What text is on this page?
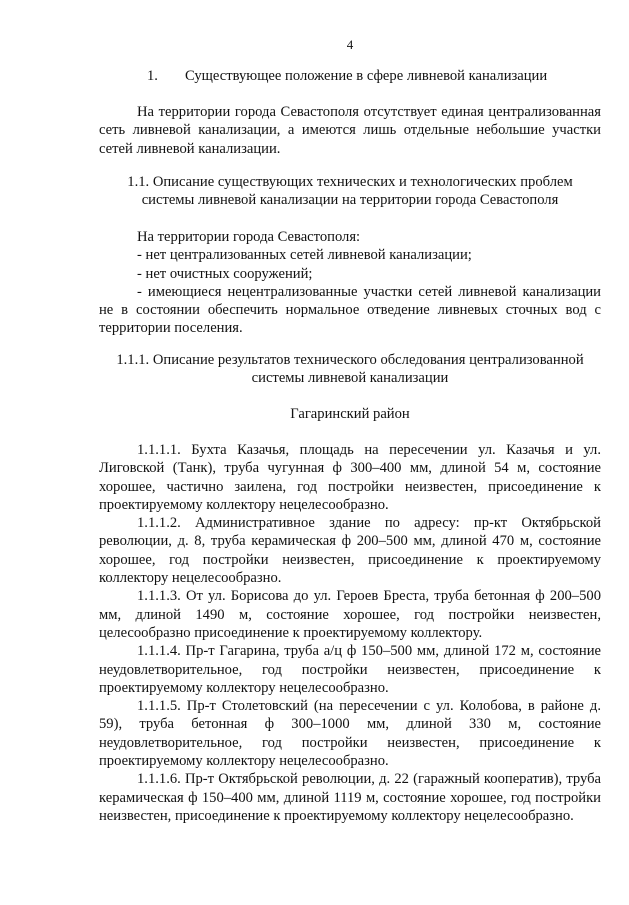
4
1. Существующее положение в сфере ливневой канализации

На территории города Севастополя отсутствует единая централизованная сеть ливневой канализации, а имеются лишь отдельные небольшие участки сетей ливневой канализации.

1.1. Описание существующих технических и технологических проблем

системы ливневой канализации на территории города Севастополя

На территории города Севастополя:

- нет централизованных сетей ливневой канализации;

- нет очистных сооружений;

- имеющиеся нецентрализованные участки сетей ливневой канализации не в состоянии обеспечить нормальное отведение ливневых сточных вод с территории поселения.

1.1.1. Описание результатов технического обследования централизованной

системы ливневой канализации

Гагаринский район

1.1.1.1. Бухта Казачья, площадь на пересечении ул. Казачья и ул. Лиговской (Танк), труба чугунная ф 300–400 мм, длиной 54 м, состояние хорошее, частично заилена, год постройки неизвестен, присоединение к проектируемому коллектору нецелесообразно.

1.1.1.2. Административное здание по адресу: пр-кт Октябрьской революции, д. 8, труба керамическая ф 200–500 мм, длиной 470 м, состояние хорошее, год постройки неизвестен, присоединение к проектируемому коллектору нецелесообразно.

1.1.1.3. От ул. Борисова до ул. Героев Бреста, труба бетонная ф 200–500 мм, длиной 1490 м, состояние хорошее, год постройки неизвестен, целесообразно присоединение к проектируемому коллектору.

1.1.1.4. Пр-т Гагарина, труба а/ц ф 150–500 мм, длиной 172 м, состояние неудовлетворительное, год постройки неизвестен, присоединение к проектируемому коллектору нецелесообразно.

1.1.1.5. Пр-т Столетовский (на пересечении с ул. Колобова, в районе д. 59), труба бетонная ф 300–1000 мм, длиной 330 м, состояние неудовлетворительное, год постройки неизвестен, присоединение к проектируемому коллектору нецелесообразно.

1.1.1.6. Пр-т Октябрьской революции, д. 22 (гаражный кооператив), труба керамическая ф 150–400 мм, длиной 1119 м, состояние хорошее, год постройки неизвестен, присоединение к проектируемому коллектору нецелесообразно.
